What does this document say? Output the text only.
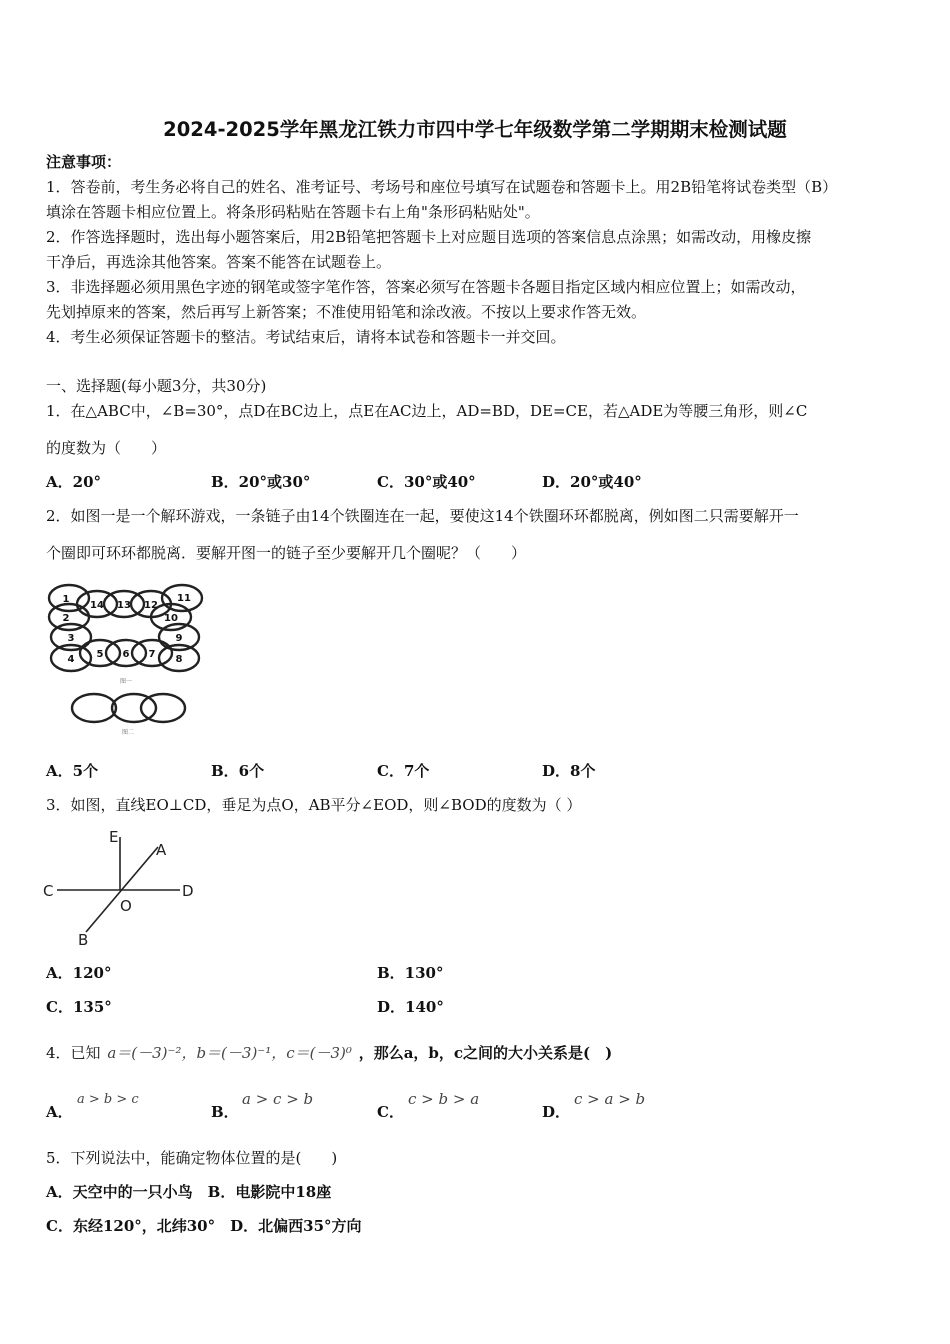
2024-2025学年黑龙江铁力市四中学七年级数学第二学期期末检测试题
注意事项：
1．答卷前，考生务必将自己的姓名、准考证号、考场号和座位号填写在试题卷和答题卡上。用2B铅笔将试卷类型（B）
填涂在答题卡相应位置上。将条形码粘贴在答题卡右上角"条形码粘贴处"。
2．作答选择题时，选出每小题答案后，用2B铅笔把答题卡上对应题目选项的答案信息点涂黑；如需改动，用橡皮擦
干净后，再选涂其他答案。答案不能答在试题卷上。
3．非选择题必须用黑色字迹的钢笔或签字笔作答，答案必须写在答题卡各题目指定区域内相应位置上；如需改动，
先划掉原来的答案，然后再写上新答案；不准使用铅笔和涂改液。不按以上要求作答无效。
4．考生必须保证答题卡的整洁。考试结束后，请将本试卷和答题卡一并交回。
一、选择题(每小题3分，共30分)
1．在△ABC中，∠B=30°，点D在BC边上，点E在AC边上，AD=BD，DE=CE，若△ADE为等腰三角形，则∠C
的度数为（　　）
A．20°	B．20°或30°	C．30°或40°	D．20°或40°
2．如图一是一个解环游戏，一条链子由14个铁圈连在一起，要使这14个铁圈环环都脱离，例如图二只需要解开一
个圈即可环环都脱离．要解开图一的链子至少要解开几个圈呢？（　　）
1
14 13 12
11
2	10
3	9
4 5 6 7 8
图一
图二
A．5个	B．6个	C．7个	D．8个
3．如图，直线EO⊥CD，垂足为点O，AB平分∠EOD，则∠BOD的度数为（ ）
E
A
C	D
O
B
A．120°	B．130°
C．135°	D．140°
4．已知 a＝(－3)⁻²，b＝(－3)⁻¹，c＝(－3)⁰ ，那么a，b，c之间的大小关系是(　)
A．
a > b > c
B．
a > c > b
C．
c > b > a
D．
c > a > b
5．下列说法中，能确定物体位置的是(　　)
A．天空中的一只小鸟　B．电影院中18座
C．东经120°，北纬30°　D．北偏西35°方向
